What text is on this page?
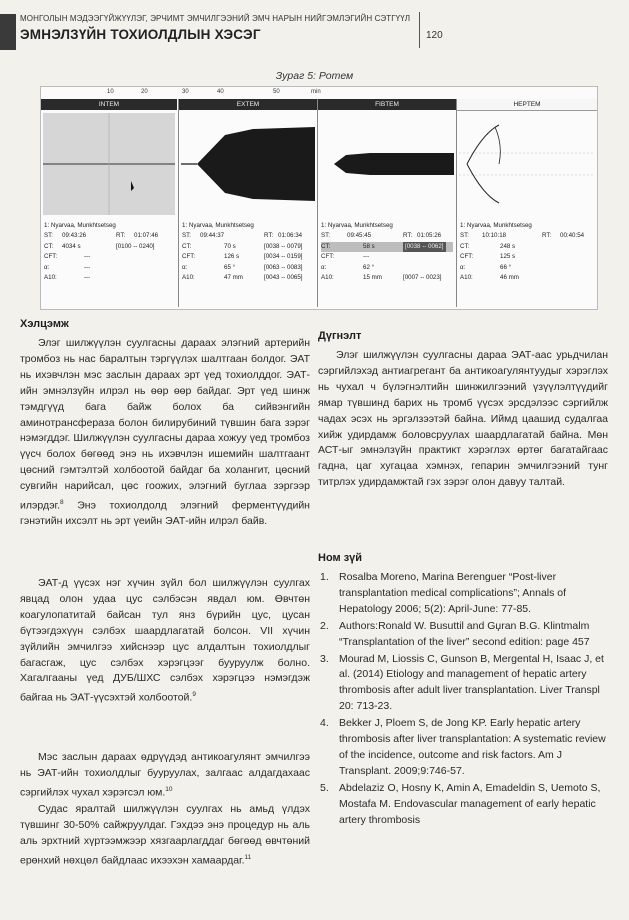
МОНГОЛЫН МЭДЭЭГҮЙЖҮҮЛЭГ, ЭРЧИМТ ЭМЧИЛГЭЭНИЙ ЭМЧ НАРЫН НИЙГЭМЛЭГИЙН СЭТГҮҮЛ
ЭМНЭЛЗҮЙН ТОХИОЛДЛЫН ХЭСЭГ	120
Зураг 5: Ротем
10	20	30	40	50	min
INTEM
1: Nyarvaa, Munkhtsetseg
ST: 09:43:26	RT: 01:07:46
CT: 4034 s	[0100 -- 0240]
CFT:	---
α:	---
A10:	---
EXTEM
1: Nyarvaa, Munkhtsetseg
ST: 09:44:37	RT: 01:06:34
CT:	70 s	[0038 -- 0079]
CFT:	126 s	[0034 -- 0159]
α:	65 °	[0063 -- 0083]
A10:	47 mm	[0043 -- 0065]
FIBTEM
1: Nyarvaa, Munkhtsetseg
ST:	09:45:45	RT: 01:05:26
CT:	58 s	[0038 -- 0062]
CFT:	---
α:	62 °
A10:	15 mm	[0007 -- 0023]
HEPTEM
1: Nyarvaa, Munkhtsetseg
ST: 10:10:18	RT: 00:40:54
CT:	248 s
CFT:	125 s
α:	66 °
A10:	46 mm
Хэлцэмж

Элэг шилжүүлэн суулгасны дараах элэгний артерийн тромбоз нь нас баралтын тэргүүлэх шалтгаан болдог. ЭАТ нь ихэвчлэн мэс заслын дараах эрт үед тохиолддог. ЭАТ-ийн эмнэлзүйн илрэл нь өөр өөр байдаг. Эрт үед шинж тэмдгүүд бага байж болох ба сийвэнгийн аминотрансфераза болон билирубиний түвшин бага зэрэг нэмэгддэг. Шилжүүлэн суулгасны дараа хожуу үед тромбоз үүсч болох бөгөөд энэ нь ихэвчлэн ишемийн шалтгаант цөсний гэмтэлтэй холбоотой байдаг ба холангит, цөсний сувгийн нарийсал, цөс гоожих, элэгний буглаа зэргээр илэрдэг.$^8$ Энэ тохиолдолд элэгний ферментүүдийн гэнэтийн ихсэлт нь эрт үеийн ЭАТ-ийн илрэл байв.

ЭАТ-д үүсэх нэг хүчин зүйл бол шилжүүлэн суулгах явцад олон удаа цус сэлбэсэн явдал юм. Өвчтөн коагулопатитай байсан тул янз бүрийн цус, цусан бүтээгдэхүүн сэлбэх шаардлагатай болсон. VII хүчин зүйлийн эмчилгээ хийснээр цус алдалтын тохиолдлыг багасгаж, цус сэлбэх хэрэгцээг бууруулж болно. Хагалгааны үед ДУБ/ШХС сэлбэх хэрэгцээ нэмэгдэж байгаа нь ЭАТ-үүсэхтэй холбоотой.$^9$

Мэс заслын дараах өдрүүдэд антикоагулянт эмчилгээ нь ЭАТ-ийн тохиолдлыг бууруулах, залгаас алдагдахаас сэргийлэх чухал хэрэгсэл юм.$^{10}$

Судас яралтай шилжүүлэн суулгах нь амьд үлдэх түвшинг 30-50% сайжруулдаг. Гэхдээ энэ процедур нь аль аль эрхтний хүртээмжээр хязгаарлагддаг бөгөөд өвчтөний ерөнхий нөхцөл байдлаас ихээхэн хамаардаг.$^{11}$

Дүгнэлт

Элэг шилжүүлэн суулгасны дараа ЭАТ-аас урьдчилан сэргийлэхэд антиагрегант ба антикоагулянтуудыг хэрэглэх нь чухал ч бүлэгнэлтийн шинжилгээний үзүүлэлтүүдийг ямар түвшинд барих нь тромб үүсэх эрсдэлээс сэргийлж чадах эсэх нь эргэлзээтэй байна. Иймд цаашид судалгаа хийж удирдамж боловсруулах шаардлагатай байна. Мөн АСТ-ыг эмнэлзүйн практикт хэрэглэх өртөг багатайгаас гадна, цаг хугацаа хэмнэх, гепарин эмчилгээний тунг титрлэх удирдамжтай гэх зэрэг олон давуу талтай.

Ном зүй
1. Rosalba Moreno, Marina Berenguer “Post-liver transplantation medical complications”; Annals of Hepatology 2006; 5(2): April-June: 77-85.
2. Authors:Ronald W. Busuttil and Gџran B.G. Klintmalm “Transplantation of the liver” second edition: page 457
3. Mourad M, Liossis C, Gunson B, Mergental H, Isaac J, et al. (2014) Etiology and management of hepatic artery thrombosis after adult liver transplantation. Liver Transpl 20: 713-23.
4. Bekker J, Ploem S, de Jong KP. Early hepatic artery thrombosis after liver transplantation: A systematic review of the incidence, outcome and risk factors. Am J Transplant. 2009;9:746-57.
5. Abdelaziz O, Hosny K, Amin A, Emadeldin S, Uemoto S, Mostafa M. Endovascular management of early hepatic artery thrombosis
